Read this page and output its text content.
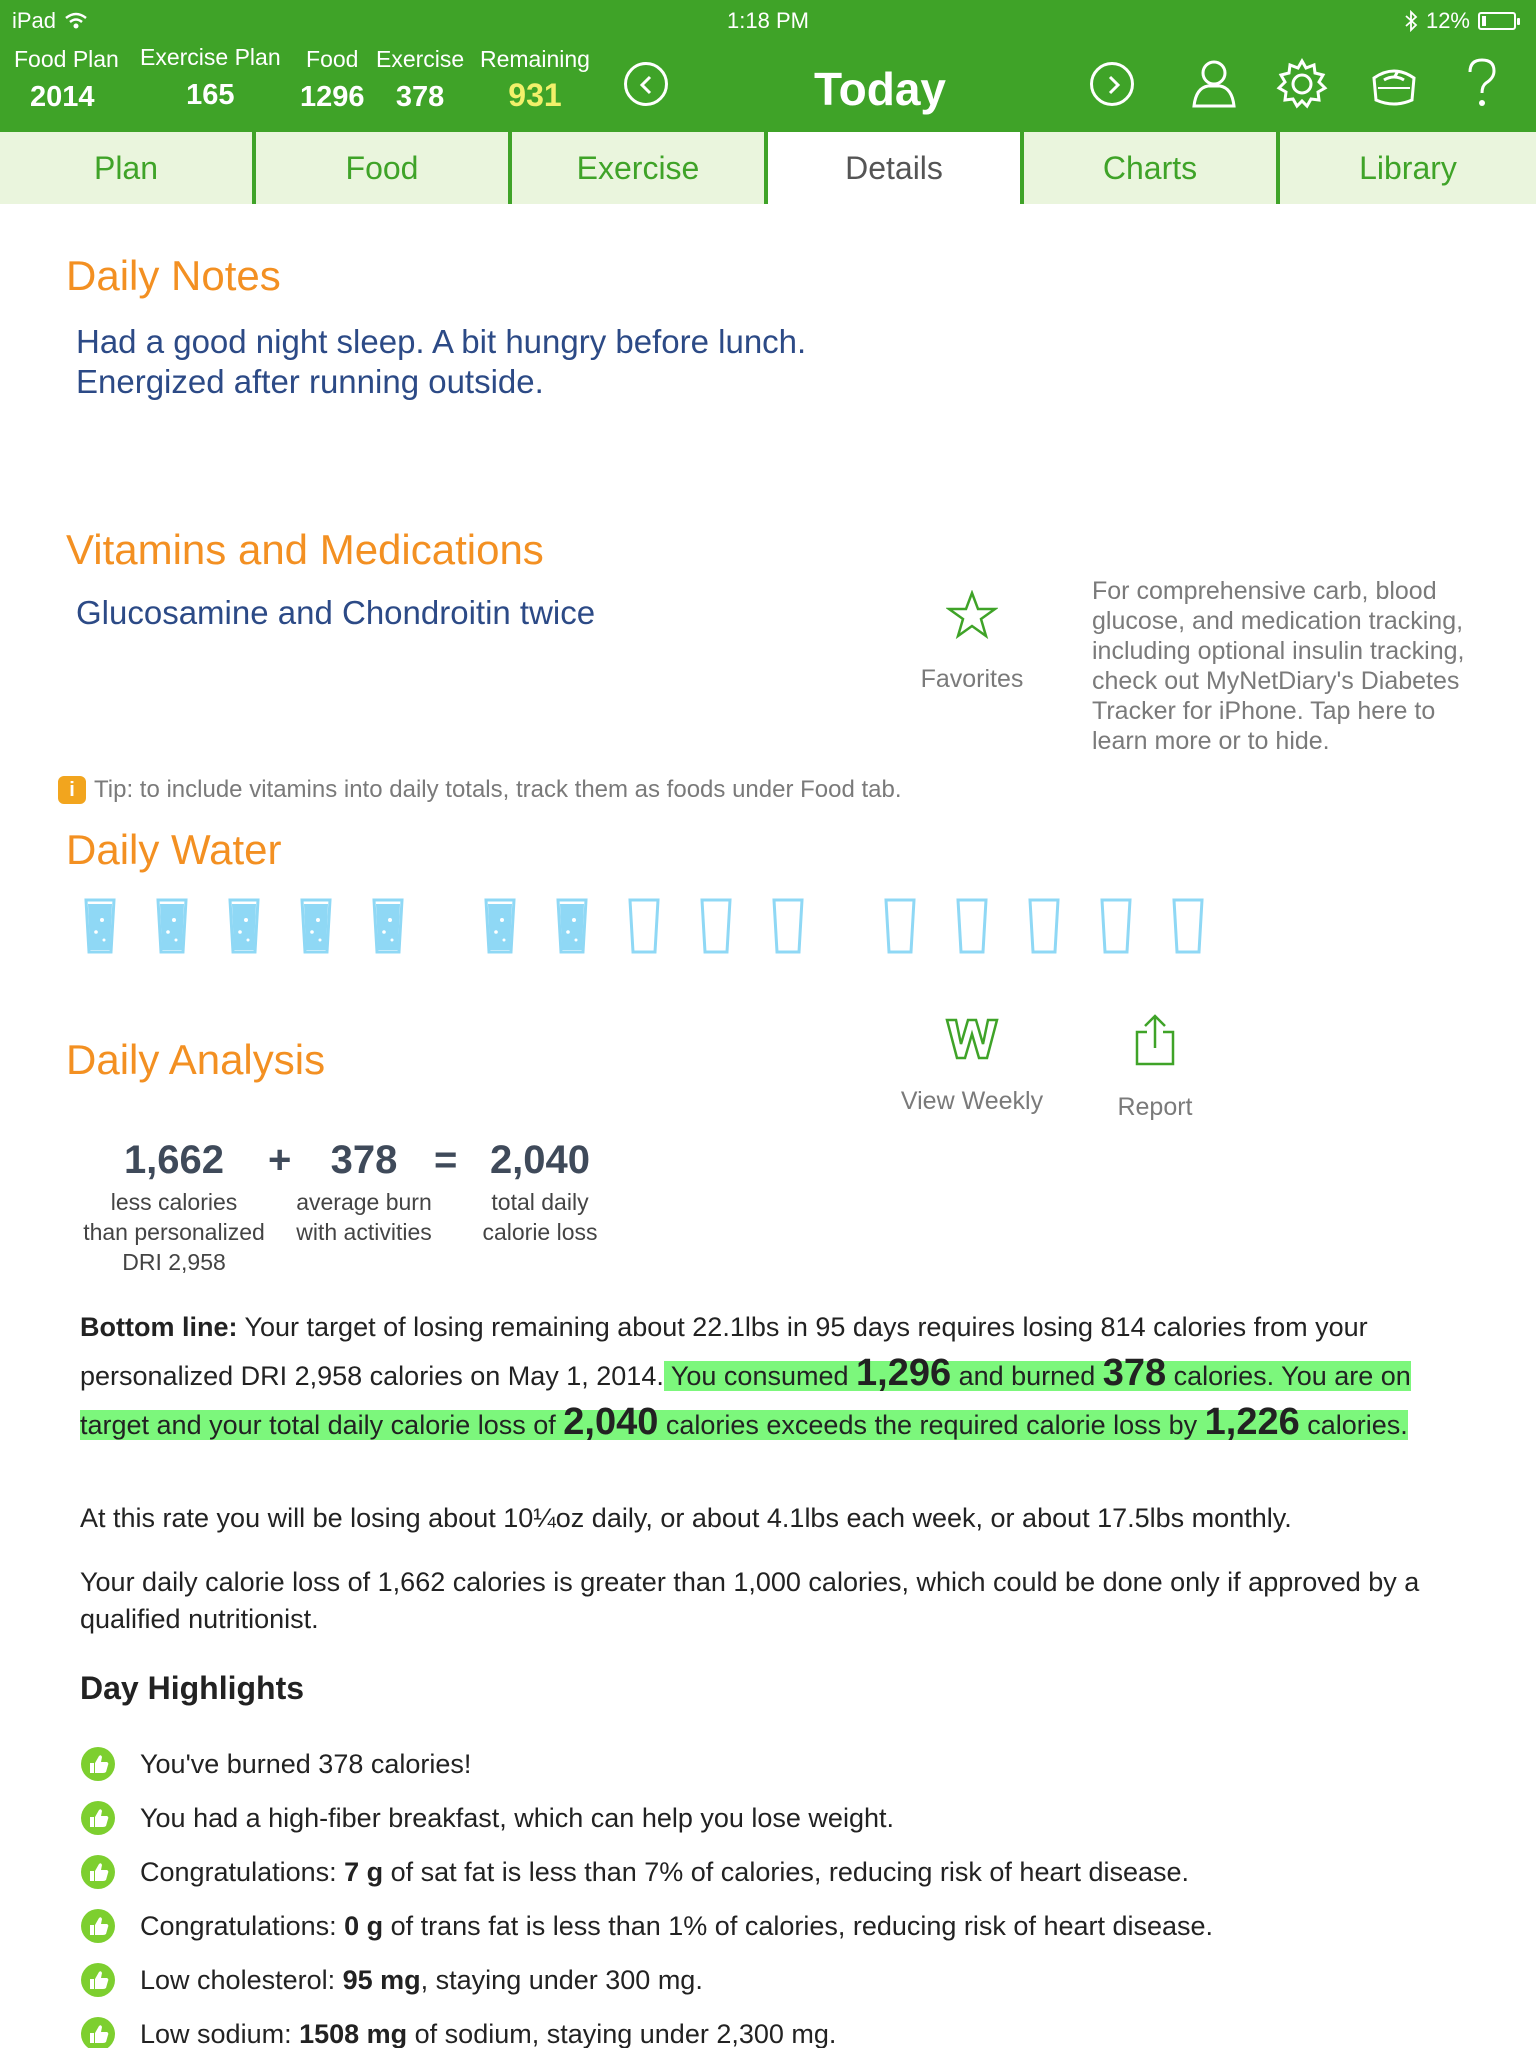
iPad	1:18 PM	12%
Food Plan
2014
Exercise Plan
165
Food
1296
Exercise
378
Remaining
931	Today
Plan	Food	Exercise	Details	Charts	Library
Daily Notes
Had a good night sleep. A bit hungry before lunch.
Energized after running outside.
Vitamins and Medications
Glucosamine and Chondroitin twice
Favorites
For comprehensive carb, blood glucose, and medication tracking, including optional insulin tracking, check out MyNetDiary's Diabetes Tracker for iPhone. Tap here to learn more or to hide.
i Tip: to include vitamins into daily totals, track them as foods under Food tab.
Daily Water
Daily Analysis
View Weekly	Report
1,662
less calories
than personalized
DRI 2,958
+ 378
average burn
with activities
= 2,040
total daily
calorie loss
Bottom line: Your target of losing remaining about 22.1lbs in 95 days requires losing 814 calories from your personalized DRI 2,958 calories on May 1, 2014. You consumed 1,296 and burned 378 calories. You are on target and your total daily calorie loss of 2,040 calories exceeds the required calorie loss by 1,226 calories.
At this rate you will be losing about 10¼oz daily, or about 4.1lbs each week, or about 17.5lbs monthly.
Your daily calorie loss of 1,662 calories is greater than 1,000 calories, which could be done only if approved by a qualified nutritionist.
Day Highlights
You've burned 378 calories!
You had a high-fiber breakfast, which can help you lose weight.
Congratulations: 7 g of sat fat is less than 7% of calories, reducing risk of heart disease.
Congratulations: 0 g of trans fat is less than 1% of calories, reducing risk of heart disease.
Low cholesterol: 95 mg, staying under 300 mg.
Low sodium: 1508 mg of sodium, staying under 2,300 mg.
